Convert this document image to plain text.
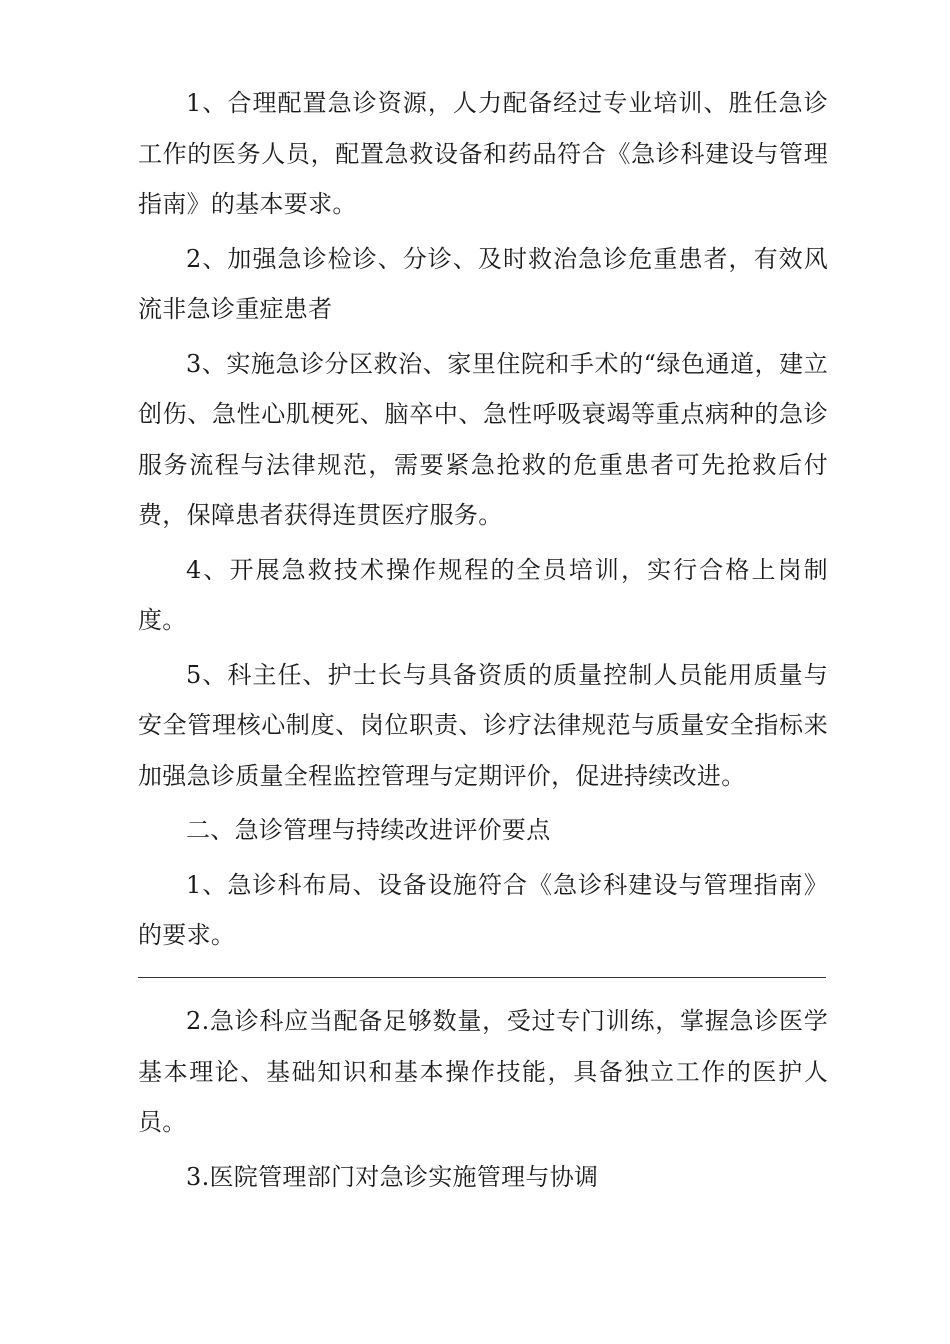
1、合理配置急诊资源，人力配备经过专业培训、胜任急诊工作的医务人员，配置急救设备和药品符合《急诊科建设与管理指南》的基本要求。

2、加强急诊检诊、分诊、及时救治急诊危重患者，有效风流非急诊重症患者

3、实施急诊分区救治、家里住院和手术的“绿色通道，建立创伤、急性心肌梗死、脑卒中、急性呼吸衰竭等重点病种的急诊服务流程与法律规范，需要紧急抢救的危重患者可先抢救后付费，保障患者获得连贯医疗服务。

4、开展急救技术操作规程的全员培训，实行合格上岗制度。

5、科主任、护士长与具备资质的质量控制人员能用质量与安全管理核心制度、岗位职责、诊疗法律规范与质量安全指标来加强急诊质量全程监控管理与定期评价，促进持续改进。

二、急诊管理与持续改进评价要点

1、急诊科布局、设备设施符合《急诊科建设与管理指南》的要求。

2.急诊科应当配备足够数量，受过专门训练，掌握急诊医学基本理论、基础知识和基本操作技能，具备独立工作的医护人员。

3.医院管理部门对急诊实施管理与协调
